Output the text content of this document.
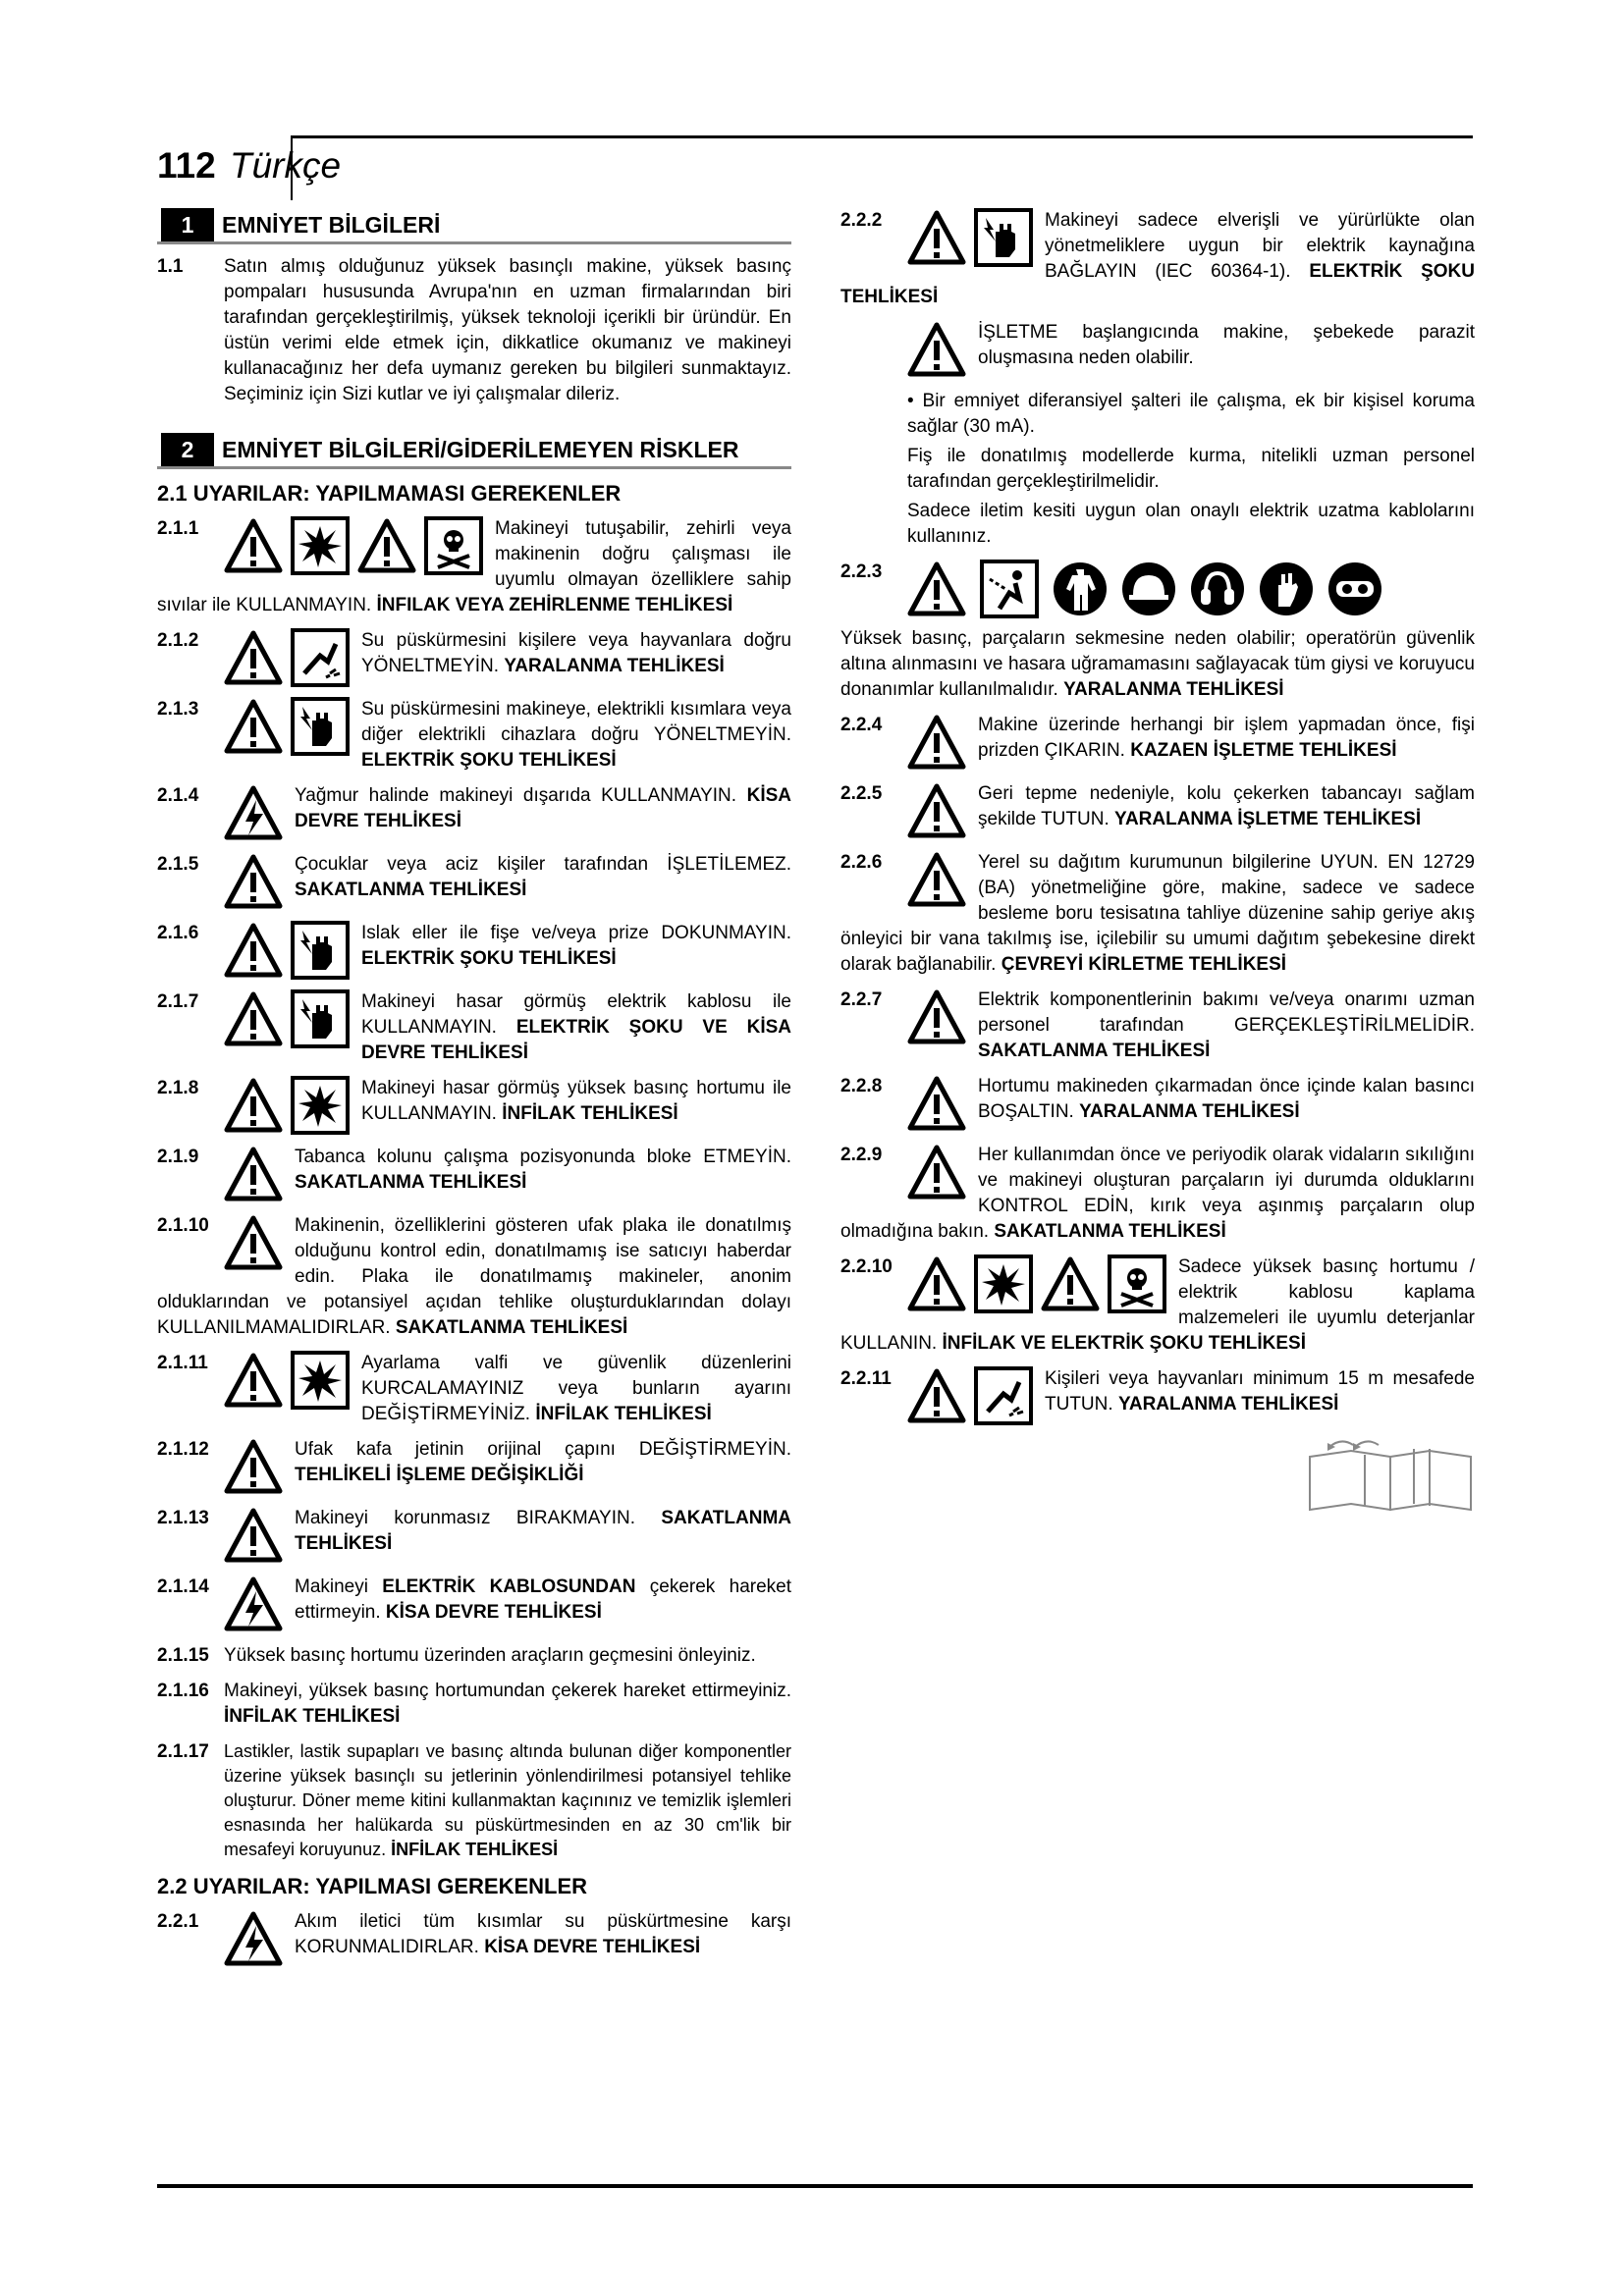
112 Türkçe
1	EMNİYET BİLGİLERİ
1.1	Satın almış olduğunuz yüksek basınçlı makine, yüksek basınç pompaları hususunda Avrupa'nın en uzman firmalarından biri tarafından gerçekleştirilmiş, yüksek teknoloji içerikli bir üründür. En üstün verimi elde etmek için, dikkatlice okumanız ve makineyi kullanacağınız her defa uymanız gereken bu bilgileri sunmaktayız. Seçiminiz için Sizi kutlar ve iyi çalışmalar dileriz.
2	EMNİYET BİLGİLERİ/GİDERİLEMEYEN RİSKLER
2.1 UYARILAR: YAPILMAMASI GEREKENLER
2.1.1	Makineyi tutuşabilir, zehirli veya makinenin doğru çalışması ile uyumlu olmayan özelliklere sahip sıvılar ile KULLANMAYIN. İNFILAK VEYA ZEHİRLENME TEHLİKESİ
2.1.2	Su püskürmesini kişilere veya hayvanlara doğru YÖNELTMEYİN. YARALANMA TEHLİKESİ
2.1.3	Su püskürmesini makineye, elektrikli kısımlara veya diğer elektrikli cihazlara doğru YÖNELTMEYİN. ELEKTRİK ŞOKU TEHLİKESİ
2.1.4	Yağmur halinde makineyi dışarıda KULLANMAYIN. KİSA DEVRE TEHLİKESİ
2.1.5	Çocuklar veya aciz kişiler tarafından İŞLETİLEMEZ. SAKATLANMA TEHLİKESİ
2.1.6	Islak eller ile fişe ve/veya prize DOKUNMAYIN. ELEKTRİK ŞOKU TEHLİKESİ
2.1.7	Makineyi hasar görmüş elektrik kablosu ile KULLANMAYIN. ELEKTRİK ŞOKU VE KİSA DEVRE TEHLİKESİ
2.1.8	Makineyi hasar görmüş yüksek basınç hortumu ile KULLANMAYIN. İNFİLAK TEHLİKESİ
2.1.9	Tabanca kolunu çalışma pozisyonunda bloke ETMEYİN. SAKATLANMA TEHLİKESİ
2.1.10	Makinenin, özelliklerini gösteren ufak plaka ile donatılmış olduğunu kontrol edin, donatılmamış ise satıcıyı haberdar edin. Plaka ile donatılmamış makineler, anonim olduklarından ve potansiyel açıdan tehlike oluşturduklarından dolayı KULLANILMAMALIDIRLAR. SAKATLANMA TEHLİKESİ
2.1.11	Ayarlama valfi ve güvenlik düzenlerini KURCALAMAYINIZ veya bunların ayarını DEĞİŞTİRMEYİNİZ. İNFİLAK TEHLİKESİ
2.1.12	Ufak kafa jetinin orijinal çapını DEĞİŞTİRMEYİN. TEHLİKELİ İŞLEME DEĞİŞİKLİĞİ
2.1.13	Makineyi korunmasız BIRAKMAYIN. SAKATLANMA TEHLİKESİ
2.1.14	Makineyi ELEKTRİK KABLOSUNDAN çekerek hareket ettirmeyin. KİSA DEVRE TEHLİKESİ
2.1.15 Yüksek basınç hortumu üzerinden araçların geçmesini önleyiniz.
2.1.16 Makineyi, yüksek basınç hortumundan çekerek hareket ettirmeyiniz. İNFİLAK TEHLİKESİ
2.1.17 Lastikler, lastik supapları ve basınç altında bulunan diğer komponentler üzerine yüksek basınçlı su jetlerinin yönlendirilmesi potansiyel tehlike oluşturur. Döner meme kitini kullanmaktan kaçınınız ve temizlik işlemleri esnasında her halükarda su püskürtmesinden en az 30 cm'lik bir mesafeyi koruyunuz. İNFİLAK TEHLİKESİ
2.2 UYARILAR: YAPILMASI GEREKENLER
2.2.1	Akım iletici tüm kısımlar su püskürtmesine karşı KORUNMALIDIRLAR. KİSA DEVRE TEHLİKESİ
2.2.2	Makineyi sadece elverişli ve yürürlükte olan yönetmeliklere uygun bir elektrik kaynağına BAĞLAYIN (IEC 60364-1). ELEKTRİK ŞOKU TEHLİKESİ
İŞLETME başlangıcında makine, şebekede parazit oluşmasına neden olabilir.
• Bir emniyet diferansiyel şalteri ile çalışma, ek bir kişisel koruma sağlar (30 mA).
Fiş ile donatılmış modellerde kurma, nitelikli uzman personel tarafından gerçekleştirilmelidir.
Sadece iletim kesiti uygun olan onaylı elektrik uzatma kablolarını kullanınız.
2.2.3
Yüksek basınç, parçaların sekmesine neden olabilir; operatörün güvenlik altına alınmasını ve hasara uğramamasını sağlayacak tüm giysi ve koruyucu donanımlar kullanılmalıdır. YARALANMA TEHLİKESİ
2.2.4	Makine üzerinde herhangi bir işlem yapmadan önce, fişi prizden ÇIKARIN. KAZAEN İŞLETME TEHLİKESİ
2.2.5	Geri tepme nedeniyle, kolu çekerken tabancayı sağlam şekilde TUTUN. YARALANMA İŞLETME TEHLİKESİ
2.2.6	Yerel su dağıtım kurumunun bilgilerine UYUN. EN 12729 (BA) yönetmeliğine göre, makine, sadece ve sadece besleme boru tesisatına tahliye düzenine sahip geriye akış önleyici bir vana takılmış ise, içilebilir su umumi dağıtım şebekesine direkt olarak bağlanabilir. ÇEVREYİ KİRLETME TEHLİKESİ
2.2.7	Elektrik komponentlerinin bakımı ve/veya onarımı uzman personel tarafından GERÇEKLEŞTİRİLMELİDİR. SAKATLANMA TEHLİKESİ
2.2.8	Hortumu makineden çıkarmadan önce içinde kalan basıncı BOŞALTIN. YARALANMA TEHLİKESİ
2.2.9	Her kullanımdan önce ve periyodik olarak vidaların sıkılığını ve makineyi oluşturan parçaların iyi durumda olduklarını KONTROL EDİN, kırık veya aşınmış parçaların olup olmadığına bakın. SAKATLANMA TEHLİKESİ
2.2.10	Sadece yüksek basınç hortumu / elektrik kablosu kaplama malzemeleri ile uyumlu deterjanlar KULLANIN. İNFİLAK VE ELEKTRİK ŞOKU TEHLİKESİ
2.2.11	Kişileri veya hayvanları minimum 15 m mesafede TUTUN. YARALANMA TEHLİKESİ
